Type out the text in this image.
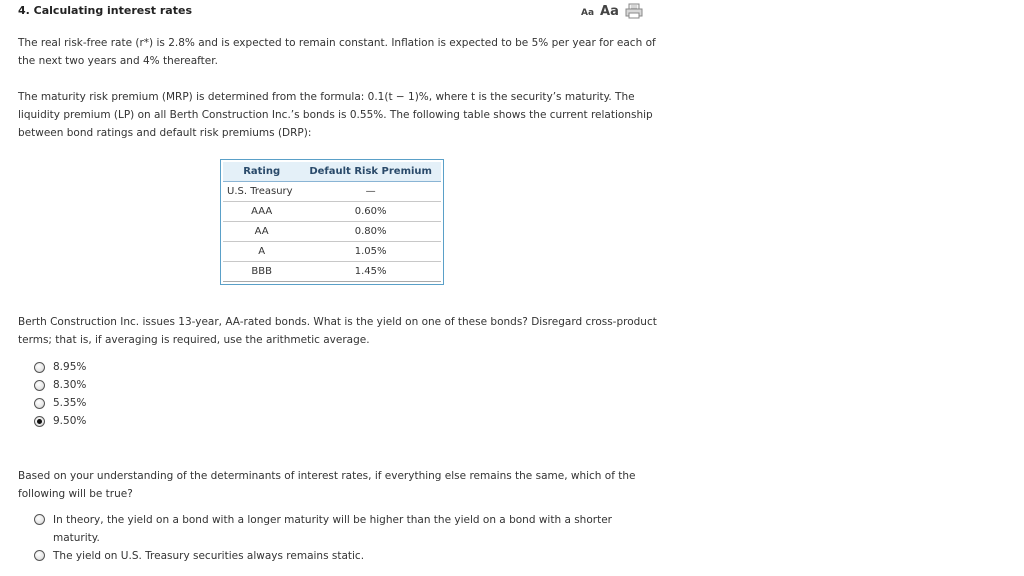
4. Calculating interest rates	Aa Aa

The real risk-free rate (r*) is 2.8% and is expected to remain constant. Inflation is expected to be 5% per year for each of the next two years and 4% thereafter.

The maturity risk premium (MRP) is determined from the formula: 0.1(t − 1)%, where t is the security’s maturity. The liquidity premium (LP) on all Berth Construction Inc.’s bonds is 0.55%. The following table shows the current relationship between bond ratings and default risk premiums (DRP):

Rating	Default Risk Premium
U.S. Treasury	—
AAA	0.60%
AA	0.80%
A	1.05%
BBB	1.45%

Berth Construction Inc. issues 13-year, AA-rated bonds. What is the yield on one of these bonds? Disregard cross-product terms; that is, if averaging is required, use the arithmetic average.

8.95%
8.30%
5.35%
9.50%

Based on your understanding of the determinants of interest rates, if everything else remains the same, which of the following will be true?

In theory, the yield on a bond with a longer maturity will be higher than the yield on a bond with a shorter maturity.
The yield on U.S. Treasury securities always remains static.
